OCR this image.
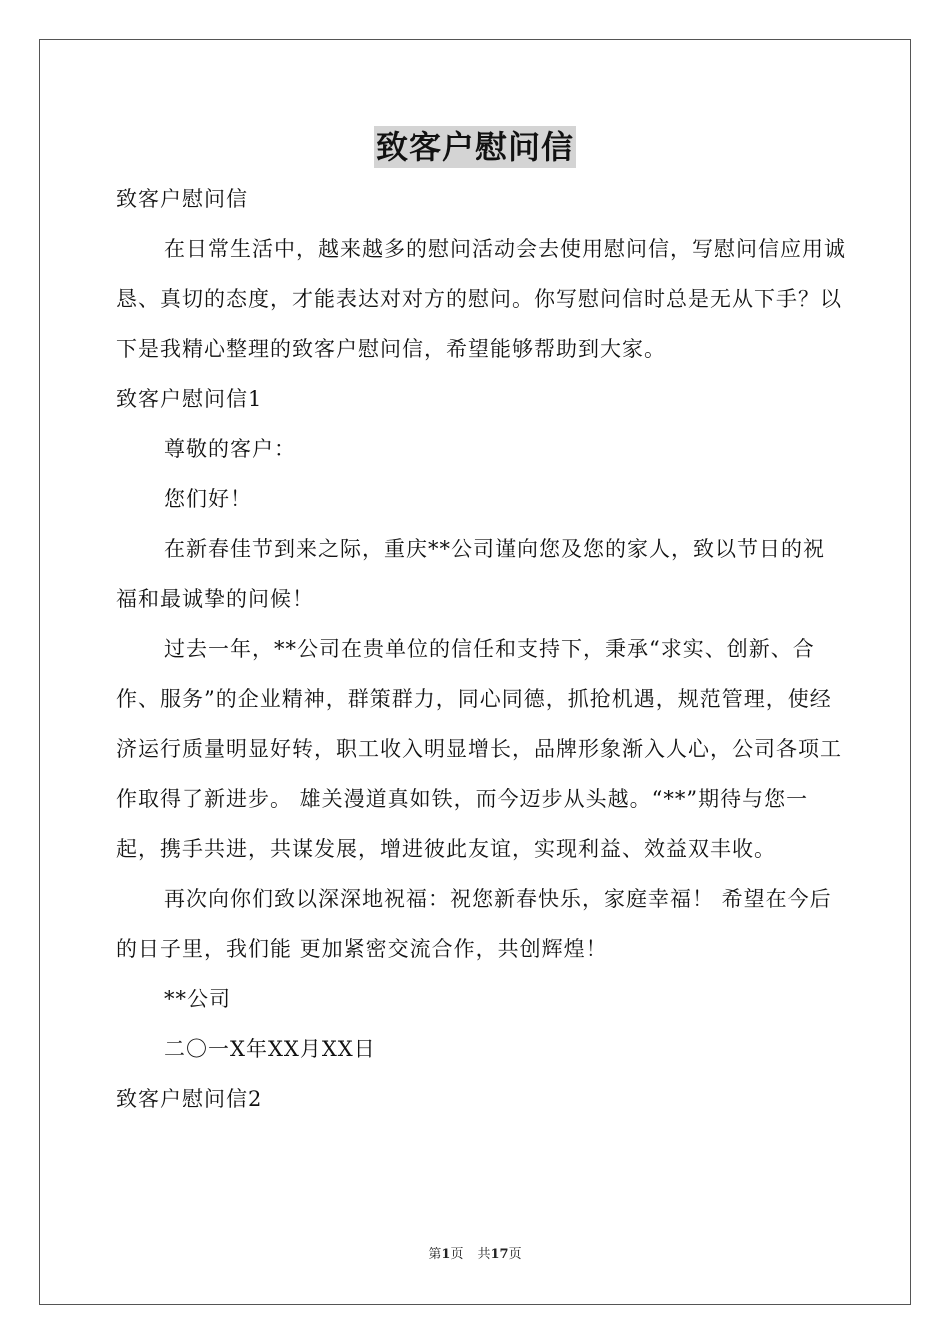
致客户慰问信

致客户慰问信

在日常生活中，越来越多的慰问活动会去使用慰问信，写慰问信应用诚恳、真切的态度，才能表达对对方的慰问。你写慰问信时总是无从下手？以下是我精心整理的致客户慰问信，希望能够帮助到大家。

致客户慰问信1

尊敬的客户：

您们好！

在新春佳节到来之际，重庆**公司谨向您及您的家人，致以节日的祝福和最诚挚的问候！

过去一年，**公司在贵单位的信任和支持下，秉承“求实、创新、合作、服务”的企业精神，群策群力，同心同德，抓抢机遇，规范管理，使经济运行质量明显好转，职工收入明显增长，品牌形象渐入人心，公司各项工作取得了新进步。 雄关漫道真如铁，而今迈步从头越。“**”期待与您一起，携手共进，共谋发展，增进彼此友谊，实现利益、效益双丰收。

再次向你们致以深深地祝福：祝您新春快乐，家庭幸福！ 希望在今后的日子里，我们能 更加紧密交流合作，共创辉煌！

**公司

二〇一X年XX月XX日

致客户慰问信2

第1页 共17页
